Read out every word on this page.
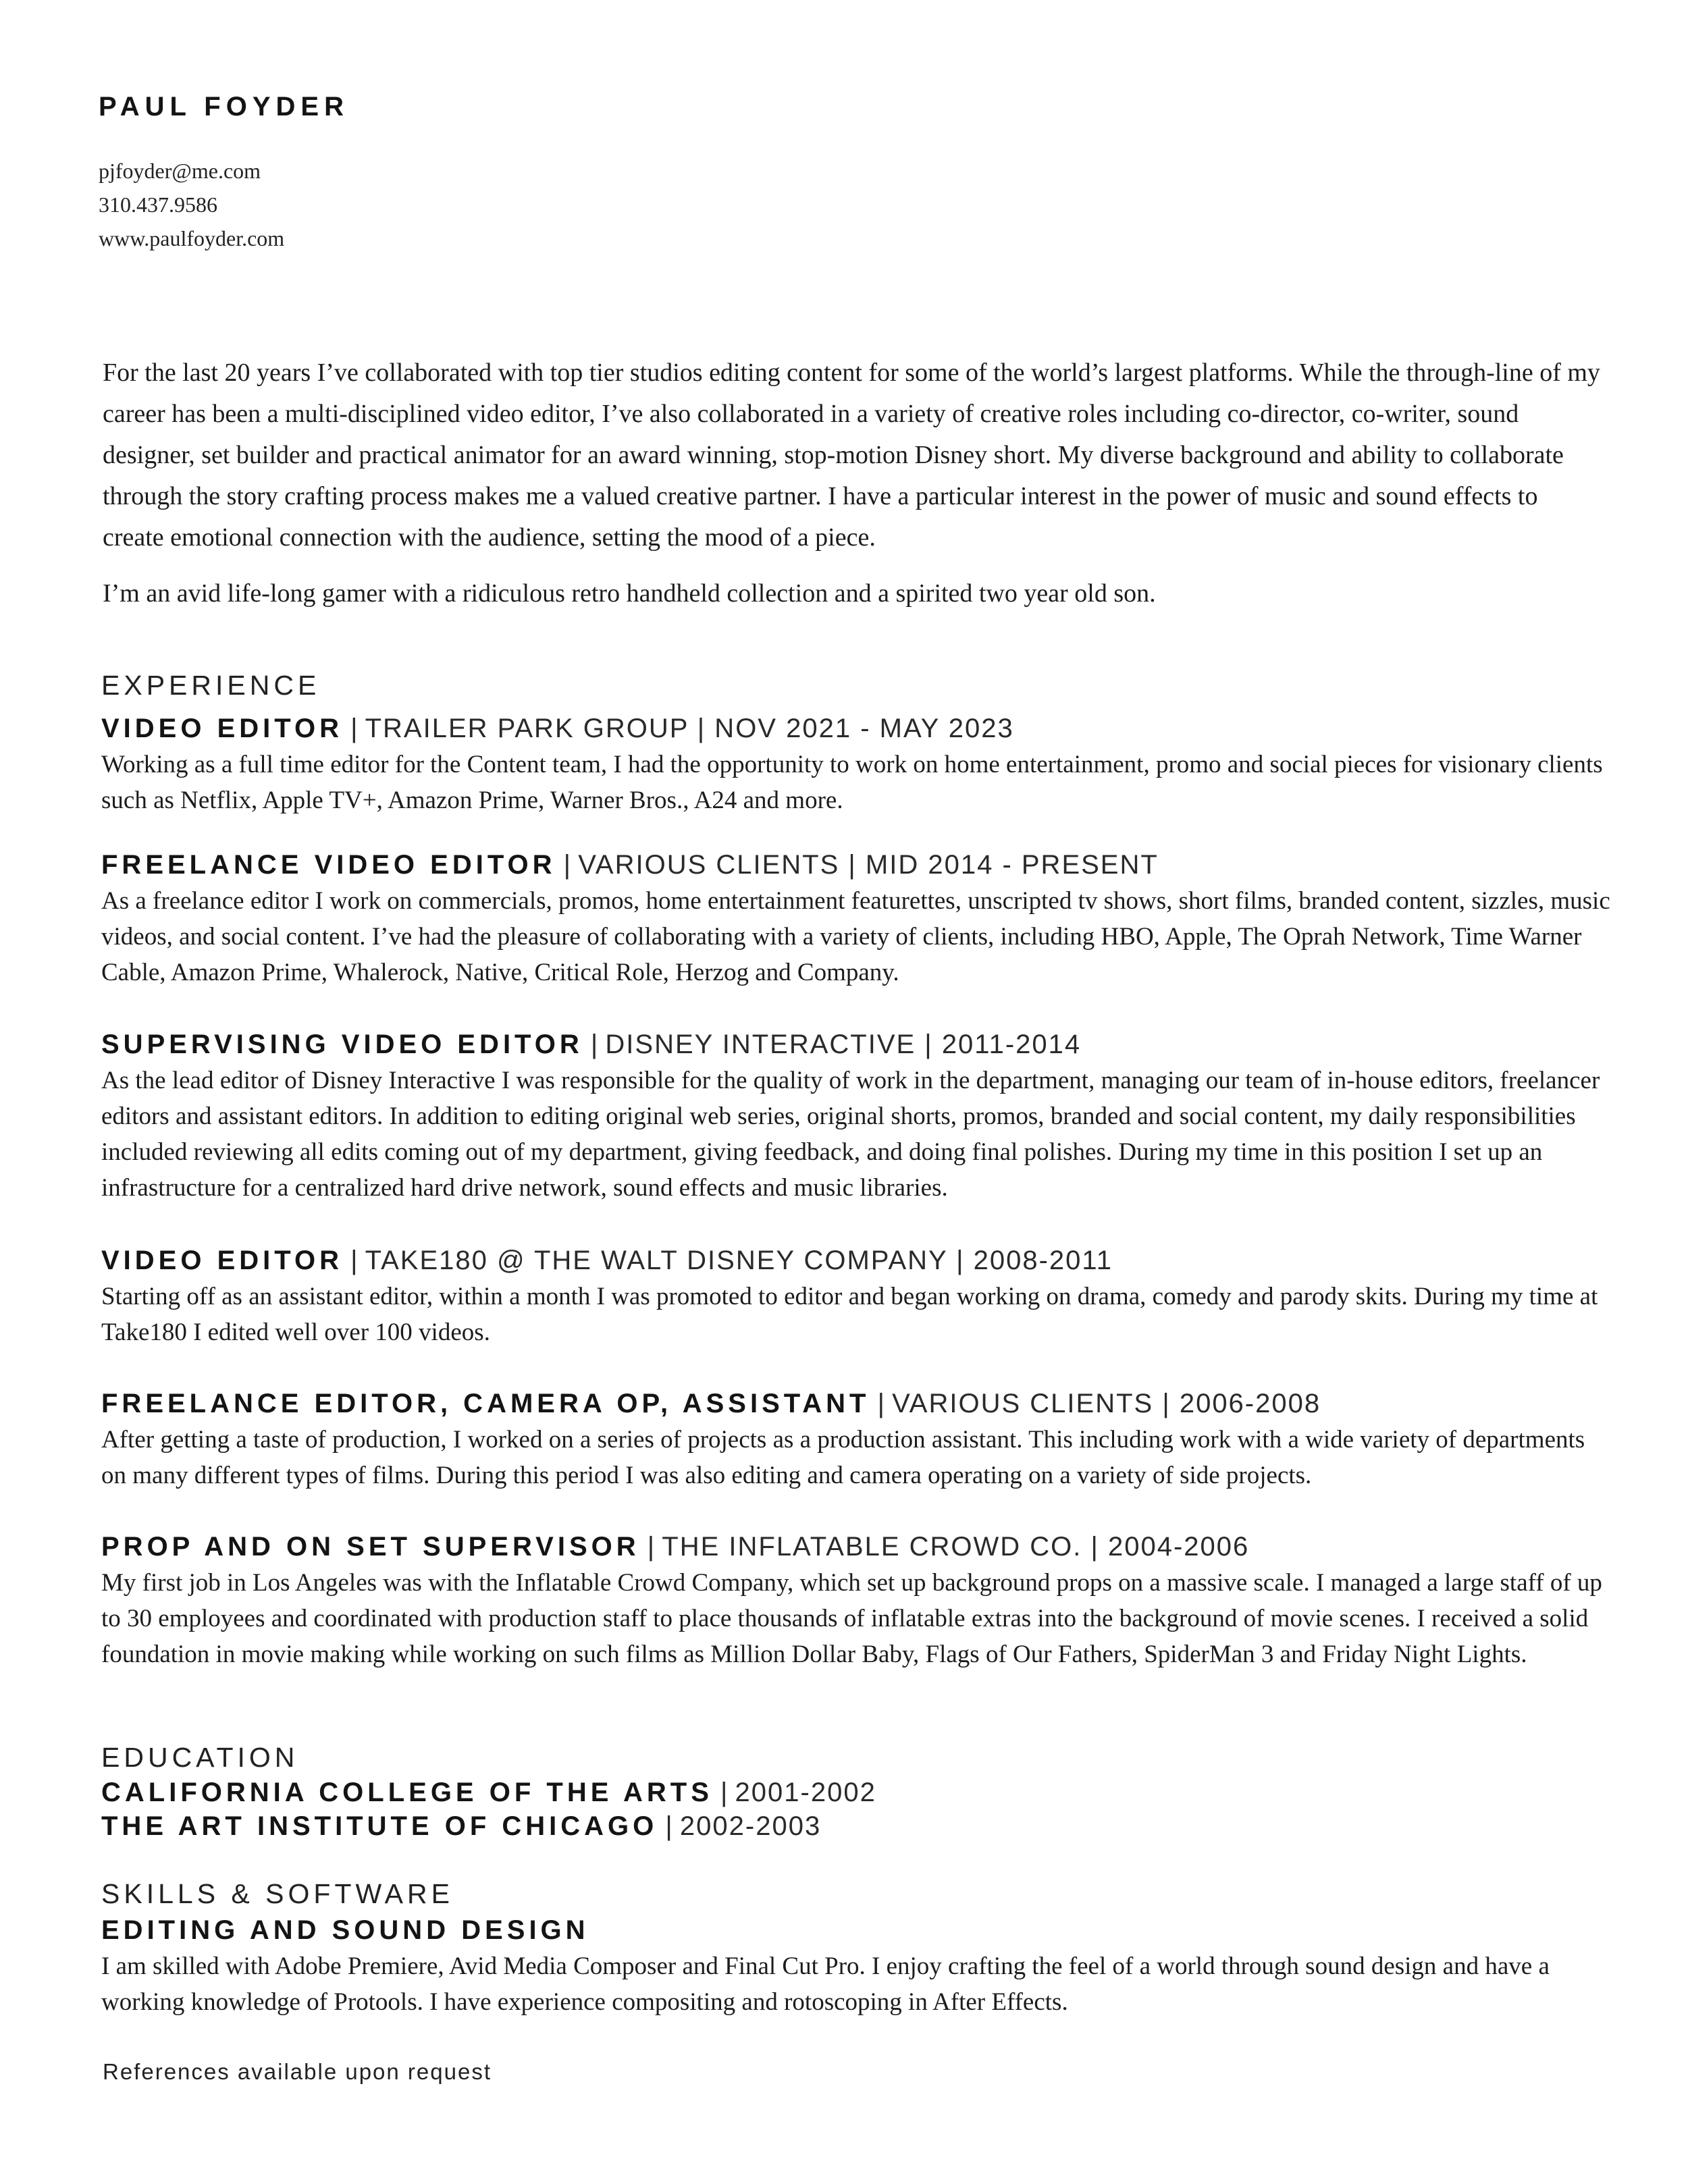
PAUL FOYDER
pjfoyder@me.com
310.437.9586
www.paulfoyder.com

For the last 20 years I’ve collaborated with top tier studios editing content for some of the world’s largest platforms. While the through-line of my career has been a multi-disciplined video editor, I’ve also collaborated in a variety of creative roles including co-director, co-writer, sound designer, set builder and practical animator for an award winning, stop-motion Disney short. My diverse background and ability to collaborate through the story crafting process makes me a valued creative partner. I have a particular interest in the power of music and sound effects to create emotional connection with the audience, setting the mood of a piece.

I’m an avid life-long gamer with a ridiculous retro handheld collection and a spirited two year old son.

EXPERIENCE
VIDEO EDITOR | TRAILER PARK GROUP | NOV 2021 - MAY 2023
Working as a full time editor for the Content team, I had the opportunity to work on home entertainment, promo and social pieces for visionary clients such as Netflix, Apple TV+, Amazon Prime, Warner Bros., A24 and more.
FREELANCE VIDEO EDITOR | VARIOUS CLIENTS | MID 2014 - PRESENT
As a freelance editor I work on commercials, promos, home entertainment featurettes, unscripted tv shows, short films, branded content, sizzles, music videos, and social content. I’ve had the pleasure of collaborating with a variety of clients, including HBO, Apple, The Oprah Network, Time Warner Cable, Amazon Prime, Whalerock, Native, Critical Role, Herzog and Company.
SUPERVISING VIDEO EDITOR | DISNEY INTERACTIVE | 2011-2014
As the lead editor of Disney Interactive I was responsible for the quality of work in the department, managing our team of in-house editors, freelancer editors and assistant editors. In addition to editing original web series, original shorts, promos, branded and social content, my daily responsibilities included reviewing all edits coming out of my department, giving feedback, and doing final polishes. During my time in this position I set up an infrastructure for a centralized hard drive network, sound effects and music libraries.
VIDEO EDITOR | TAKE180 @ THE WALT DISNEY COMPANY | 2008-2011
Starting off as an assistant editor, within a month I was promoted to editor and began working on drama, comedy and parody skits. During my time at Take180 I edited well over 100 videos.
FREELANCE EDITOR, CAMERA OP, ASSISTANT | VARIOUS CLIENTS | 2006-2008
After getting a taste of production, I worked on a series of projects as a production assistant. This including work with a wide variety of departments on many different types of films. During this period I was also editing and camera operating on a variety of side projects.
PROP AND ON SET SUPERVISOR | THE INFLATABLE CROWD CO. | 2004-2006
My first job in Los Angeles was with the Inflatable Crowd Company, which set up background props on a massive scale. I managed a large staff of up to 30 employees and coordinated with production staff to place thousands of inflatable extras into the background of movie scenes. I received a solid foundation in movie making while working on such films as Million Dollar Baby, Flags of Our Fathers, SpiderMan 3 and Friday Night Lights.
EDUCATION
CALIFORNIA COLLEGE OF THE ARTS | 2001-2002
THE ART INSTITUTE OF CHICAGO | 2002-2003
SKILLS & SOFTWARE
EDITING AND SOUND DESIGN
I am skilled with Adobe Premiere, Avid Media Composer and Final Cut Pro. I enjoy crafting the feel of a world through sound design and have a working knowledge of Protools. I have experience compositing and rotoscoping in After Effects.
References available upon request
